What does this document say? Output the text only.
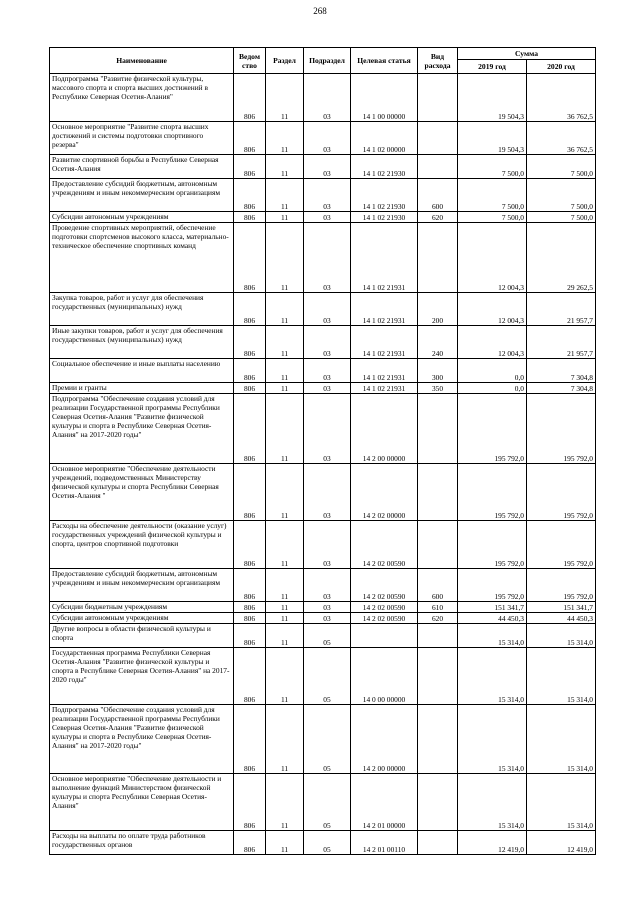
268
Наименование	Ведом ство	Раздел	Подраздел	Целевая статья	Вид расхода	Сумма	
						2019 год	2020 год
Подпрограмма "Развитие физической культуры, массового спорта и спорта высших достижений в Республике Северная Осетия-Алания"	806	11	03	14 1 00 00000		19 504,3	36 762,5
Основное мероприятие "Развитие спорта высших достижений и системы подготовки спортивного резерва"	806	11	03	14 1 02 00000		19 504,3	36 762,5
Развитие спортивной борьбы в Республике Северная Осетия-Алания	806	11	03	14 1 02 21930		7 500,0	7 500,0
Предоставление субсидий бюджетным, автономным учреждениям и иным некоммерческим организациям	806	11	03	14 1 02 21930	600	7 500,0	7 500,0
Субсидии автономным учреждениям	806	11	03	14 1 02 21930	620	7 500,0	7 500,0
Проведение спортивных мероприятий, обеспечение подготовки спортсменов высокого класса, материально-техническое обеспечение спортивных команд	806	11	03	14 1 02 21931		12 004,3	29 262,5
Закупка товаров, работ и услуг для обеспечения государственных (муниципальных) нужд	806	11	03	14 1 02 21931	200	12 004,3	21 957,7
Иные закупки товаров, работ и услуг для обеспечения государственных (муниципальных) нужд	806	11	03	14 1 02 21931	240	12 004,3	21 957,7
Социальное обеспечение и иные выплаты населению	806	11	03	14 1 02 21931	300	0,0	7 304,8
Премии и гранты	806	11	03	14 1 02 21931	350	0,0	7 304,8
Подпрограмма "Обеспечение создания условий для реализации Государственной программы Республики Северная Осетия-Алания "Развитие физической культуры и спорта в Республике Северная Осетия-Алания" на 2017-2020 годы"	806	11	03	14 2 00 00000		195 792,0	195 792,0
Основное мероприятие "Обеспечение деятельности учреждений, подведомственных Министерству физической культуры и спорта Республики Северная Осетия-Алания "	806	11	03	14 2 02 00000		195 792,0	195 792,0
Расходы на обеспечение деятельности (оказание услуг) государственных учреждений физической культуры и спорта, центров спортивной подготовки	806	11	03	14 2 02 00590		195 792,0	195 792,0
Предоставление субсидий бюджетным, автономным учреждениям и иным некоммерческим организациям	806	11	03	14 2 02 00590	600	195 792,0	195 792,0
Субсидии бюджетным учреждениям	806	11	03	14 2 02 00590	610	151 341,7	151 341,7
Субсидии автономным учреждениям	806	11	03	14 2 02 00590	620	44 450,3	44 450,3
Другие вопросы в области физической культуры и спорта	806	11	05			15 314,0	15 314,0
Государственная программа Республики Северная Осетия-Алания "Развитие физической культуры и спорта в Республике Северная Осетия-Алания" на 2017-2020 годы"	806	11	05	14 0 00 00000		15 314,0	15 314,0
Подпрограмма "Обеспечение создания условий для реализации Государственной программы Республики Северная Осетия-Алания "Развитие физической культуры и спорта в Республике Северная Осетия-Алания" на 2017-2020 годы"	806	11	05	14 2 00 00000		15 314,0	15 314,0
Основное мероприятие "Обеспечение деятельности и выполнение функций Министерством физической культуры и спорта Республики Северная Осетия-Алания"	806	11	05	14 2 01 00000		15 314,0	15 314,0
Расходы на выплаты по оплате труда работников государственных органов	806	11	05	14 2 01 00110		12 419,0	12 419,0
